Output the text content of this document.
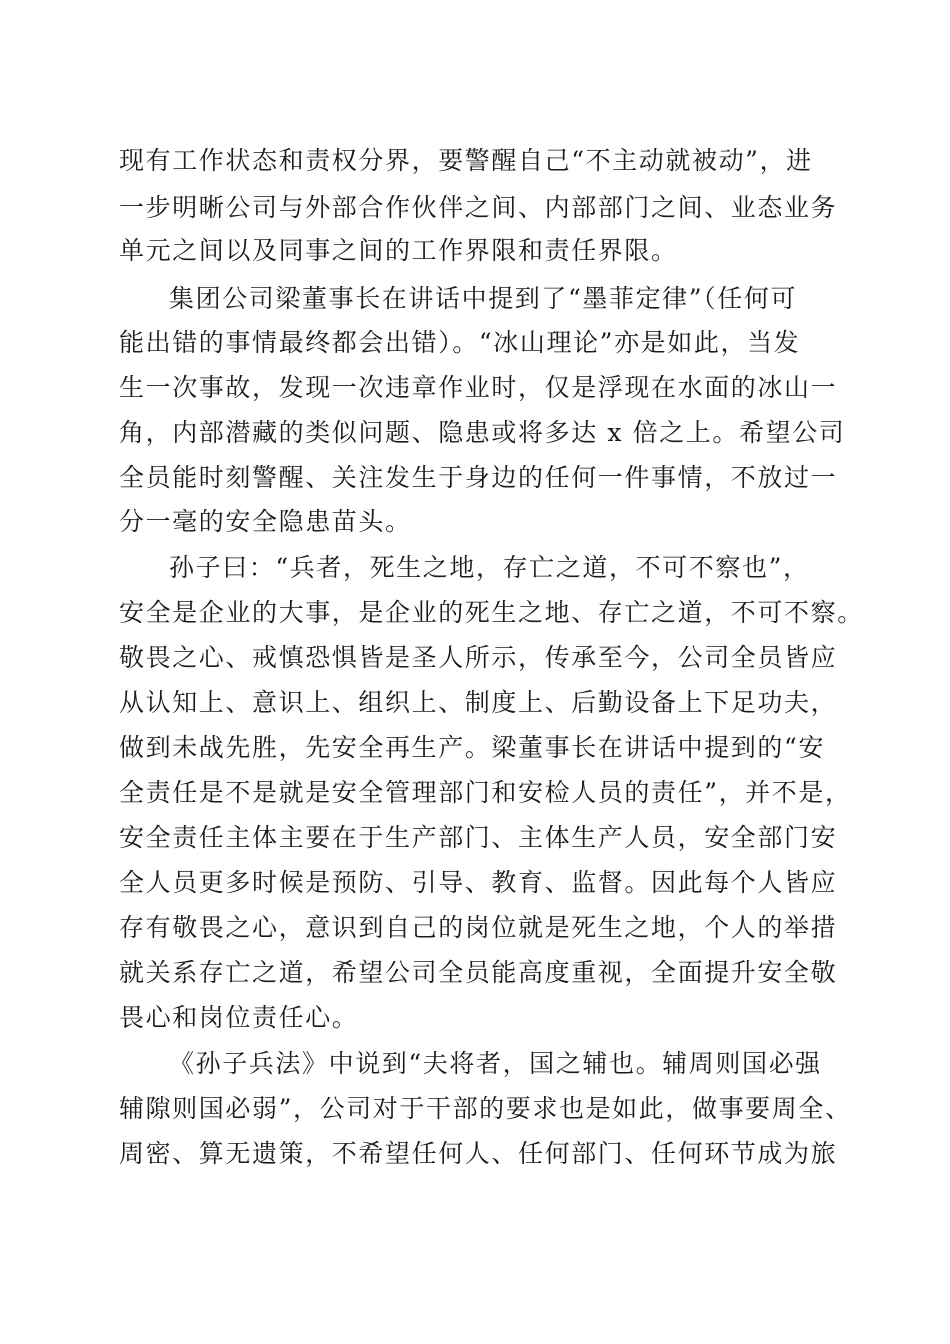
现有工作状态和责权分界，要警醒自己“不主动就被动”，进
一步明晰公司与外部合作伙伴之间、内部部门之间、业态业务
单元之间以及同事之间的工作界限和责任界限。
集团公司梁董事长在讲话中提到了“墨菲定律”（任何可
能出错的事情最终都会出错）。“冰山理论”亦是如此，当发
生一次事故，发现一次违章作业时，仅是浮现在水面的冰山一
角，内部潜藏的类似问题、隐患或将多达 x 倍之上。希望公司
全员能时刻警醒、关注发生于身边的任何一件事情，不放过一
分一毫的安全隐患苗头。
孙子曰：“兵者，死生之地，存亡之道，不可不察也”，
安全是企业的大事，是企业的死生之地、存亡之道，不可不察。
敬畏之心、戒慎恐惧皆是圣人所示，传承至今，公司全员皆应
从认知上、意识上、组织上、制度上、后勤设备上下足功夫，
做到未战先胜，先安全再生产。梁董事长在讲话中提到的“安
全责任是不是就是安全管理部门和安检人员的责任”，并不是，
安全责任主体主要在于生产部门、主体生产人员，安全部门安
全人员更多时候是预防、引导、教育、监督。因此每个人皆应
存有敬畏之心，意识到自己的岗位就是死生之地，个人的举措
就关系存亡之道，希望公司全员能高度重视，全面提升安全敬
畏心和岗位责任心。
《孙子兵法》中说到“夫将者，国之辅也。辅周则国必强
辅隙则国必弱”，公司对于干部的要求也是如此，做事要周全、
周密、算无遗策，不希望任何人、任何部门、任何环节成为旅
